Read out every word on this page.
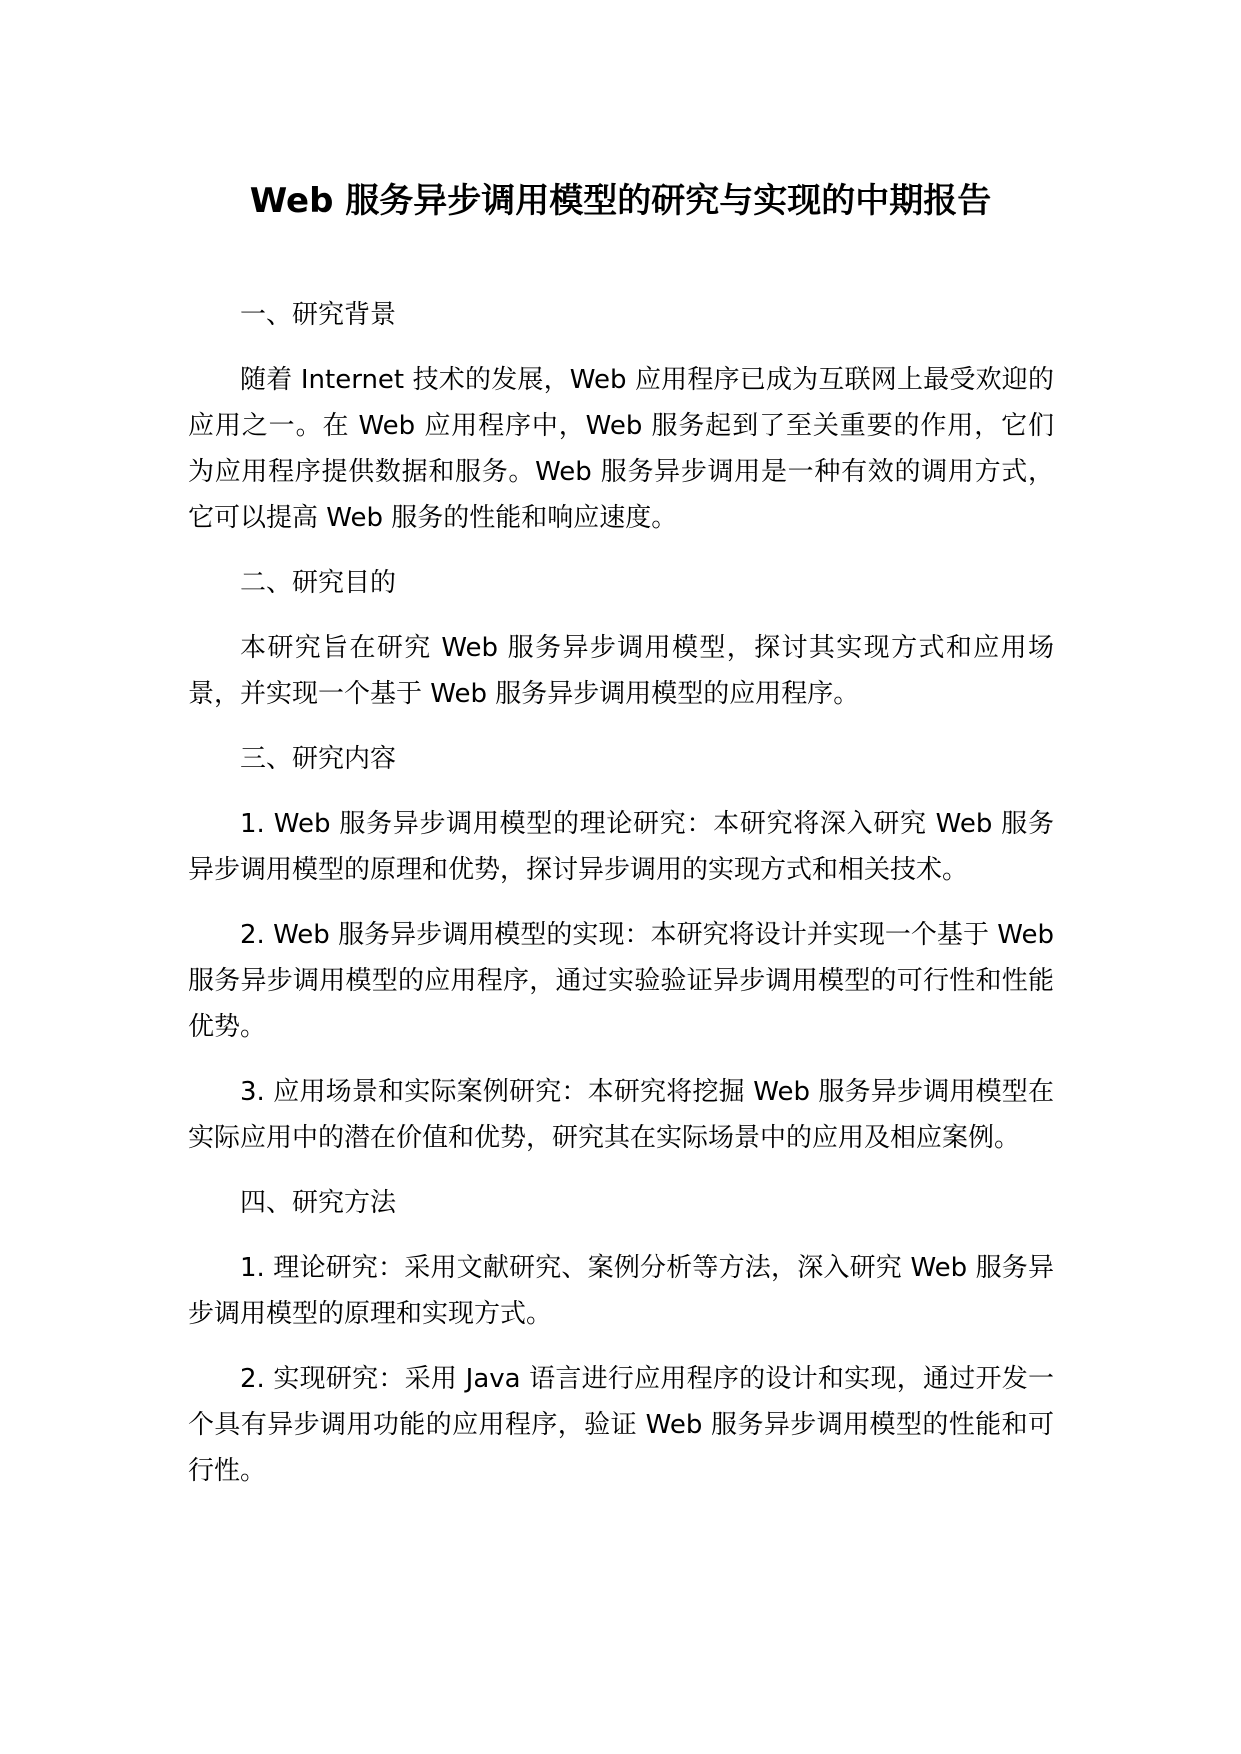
Web 服务异步调用模型的研究与实现的中期报告

一、研究背景

随着 Internet 技术的发展，Web 应用程序已成为互联网上最受欢迎的应用之一。在 Web 应用程序中，Web 服务起到了至关重要的作用，它们为应用程序提供数据和服务。Web 服务异步调用是一种有效的调用方式，它可以提高 Web 服务的性能和响应速度。

二、研究目的

本研究旨在研究 Web 服务异步调用模型，探讨其实现方式和应用场景，并实现一个基于 Web 服务异步调用模型的应用程序。

三、研究内容

1. Web 服务异步调用模型的理论研究：本研究将深入研究 Web 服务异步调用模型的原理和优势，探讨异步调用的实现方式和相关技术。

2. Web 服务异步调用模型的实现：本研究将设计并实现一个基于 Web 服务异步调用模型的应用程序，通过实验验证异步调用模型的可行性和性能优势。

3. 应用场景和实际案例研究：本研究将挖掘 Web 服务异步调用模型在实际应用中的潜在价值和优势，研究其在实际场景中的应用及相应案例。

四、研究方法

1. 理论研究：采用文献研究、案例分析等方法，深入研究 Web 服务异步调用模型的原理和实现方式。

2. 实现研究：采用 Java 语言进行应用程序的设计和实现，通过开发一个具有异步调用功能的应用程序，验证 Web 服务异步调用模型的性能和可行性。
